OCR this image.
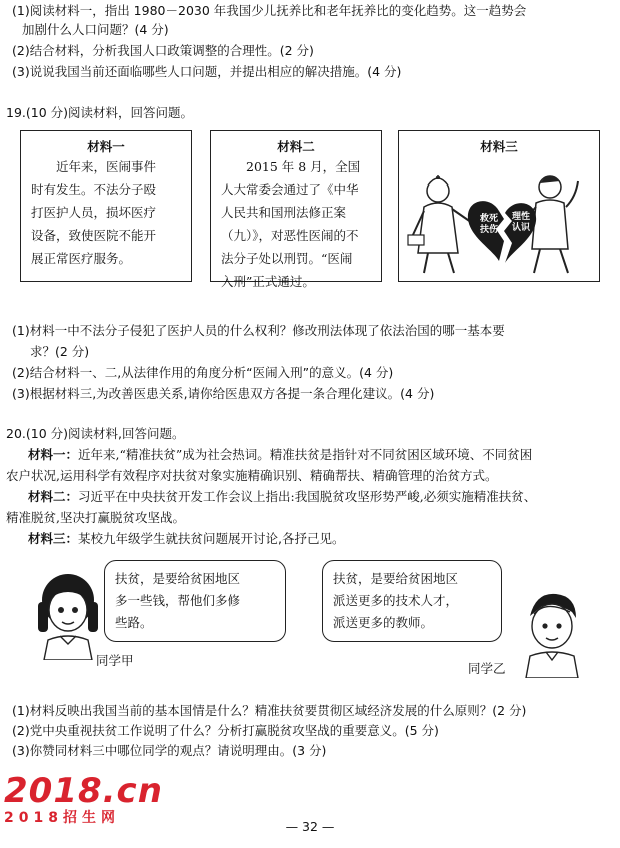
(1)阅读材料一，指出 1980－2030 年我国少儿抚养比和老年抚养比的变化趋势。这一趋势会
加剧什么人口问题？(4 分)
(2)结合材料，分析我国人口政策调整的合理性。(2 分)
(3)说说我国当前还面临哪些人口问题，并提出相应的解决措施。(4 分)
19.(10 分)阅读材料，回答问题。
材料一
近年来，医闹事件
时有发生。不法分子殴
打医护人员，损坏医疗
设备，致使医院不能开
展正常医疗服务。
材料二
2015 年 8 月，全国
人大常委会通过了《中华
人民共和国刑法修正案
（九）》，对恶性医闹的不
法分子处以刑罚。“医闹
入刑”正式通过。
材料三
救死扶伤
理性认识
(1)材料一中不法分子侵犯了医护人员的什么权利？修改刑法体现了依法治国的哪一基本要
求？(2 分)
(2)结合材料一、二,从法律作用的角度分析“医闹入刑”的意义。(4 分)
(3)根据材料三,为改善医患关系,请你给医患双方各提一条合理化建议。(4 分)
20.(10 分)阅读材料,回答问题。
材料一：近年来,“精准扶贫”成为社会热词。精准扶贫是指针对不同贫困区域环境、不同贫困
农户状况,运用科学有效程序对扶贫对象实施精确识别、精确帮扶、精确管理的治贫方式。
材料二：习近平在中央扶贫开发工作会议上指出:我国脱贫攻坚形势严峻,必须实施精准扶贫、
精准脱贫,坚决打赢脱贫攻坚战。
材料三：某校九年级学生就扶贫问题展开讨论,各抒己见。
扶贫，是要给贫困地区
多一些钱，帮他们多修
些路。
扶贫，是要给贫困地区
派送更多的技术人才，
派送更多的教师。
同学甲
同学乙
(1)材料反映出我国当前的基本国情是什么？精准扶贫要贯彻区域经济发展的什么原则？(2 分)
(2)党中央重视扶贫工作说明了什么？分析打赢脱贫攻坚战的重要意义。(5 分)
(3)你赞同材料三中哪位同学的观点？请说明理由。(3 分)
— 32 —
2018.cn
2018招生网
